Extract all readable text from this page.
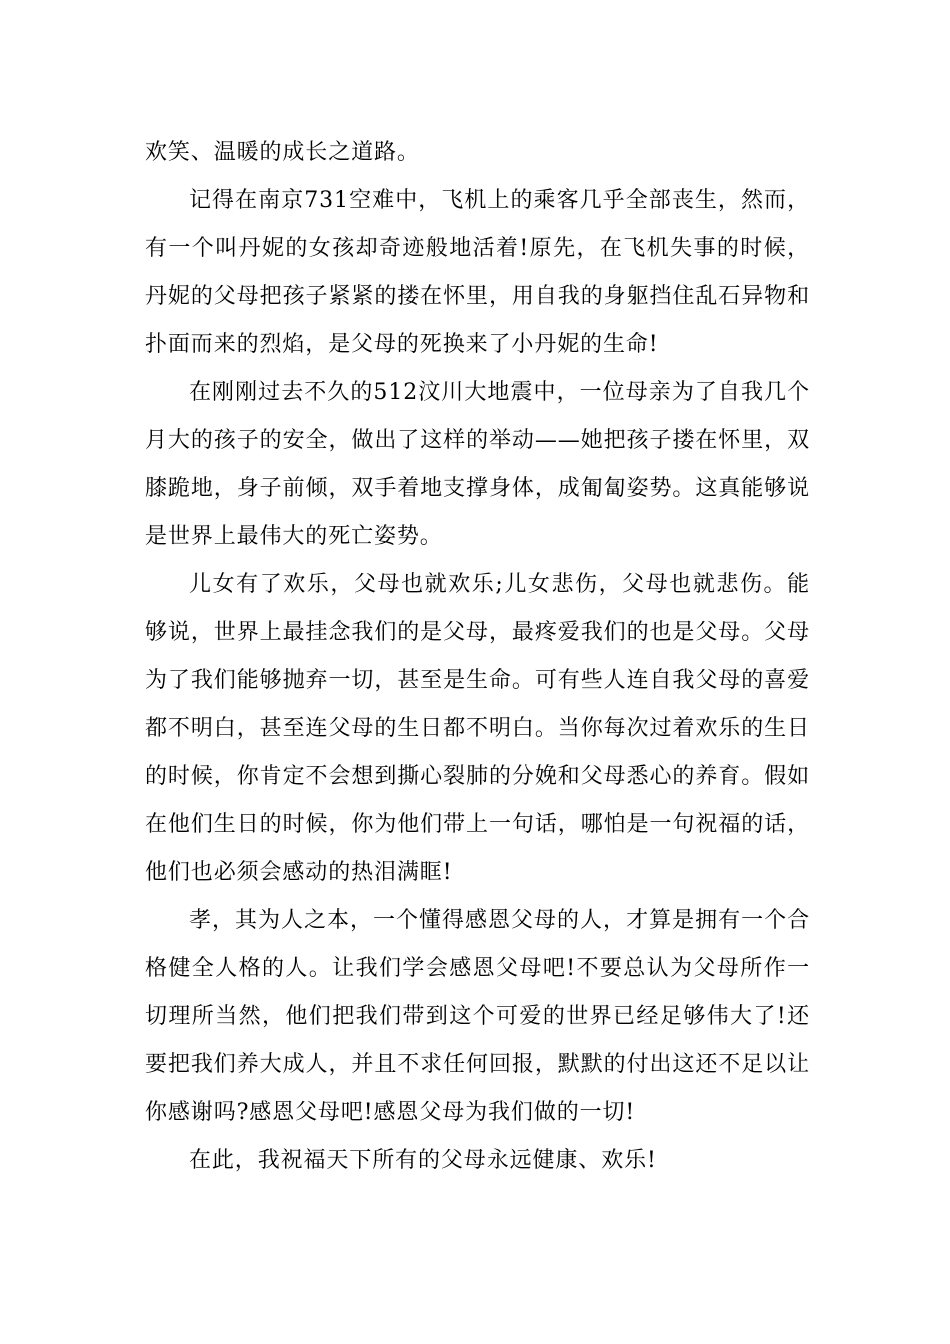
欢笑、温暖的成长之道路。

记得在南京731空难中，飞机上的乘客几乎全部丧生，然而，有一个叫丹妮的女孩却奇迹般地活着!原先，在飞机失事的时候，丹妮的父母把孩子紧紧的搂在怀里，用自我的身躯挡住乱石异物和扑面而来的烈焰，是父母的死换来了小丹妮的生命!

在刚刚过去不久的512汶川大地震中，一位母亲为了自我几个月大的孩子的安全，做出了这样的举动——她把孩子搂在怀里，双膝跪地，身子前倾，双手着地支撑身体，成匍匐姿势。这真能够说是世界上最伟大的死亡姿势。

儿女有了欢乐，父母也就欢乐;儿女悲伤，父母也就悲伤。能够说，世界上最挂念我们的是父母，最疼爱我们的也是父母。父母为了我们能够抛弃一切，甚至是生命。可有些人连自我父母的喜爱都不明白，甚至连父母的生日都不明白。当你每次过着欢乐的生日的时候，你肯定不会想到撕心裂肺的分娩和父母悉心的养育。假如在他们生日的时候，你为他们带上一句话，哪怕是一句祝福的话，他们也必须会感动的热泪满眶!

孝，其为人之本，一个懂得感恩父母的人，才算是拥有一个合格健全人格的人。让我们学会感恩父母吧!不要总认为父母所作一切理所当然，他们把我们带到这个可爱的世界已经足够伟大了!还要把我们养大成人，并且不求任何回报，默默的付出这还不足以让你感谢吗?感恩父母吧!感恩父母为我们做的一切!

在此，我祝福天下所有的父母永远健康、欢乐!
